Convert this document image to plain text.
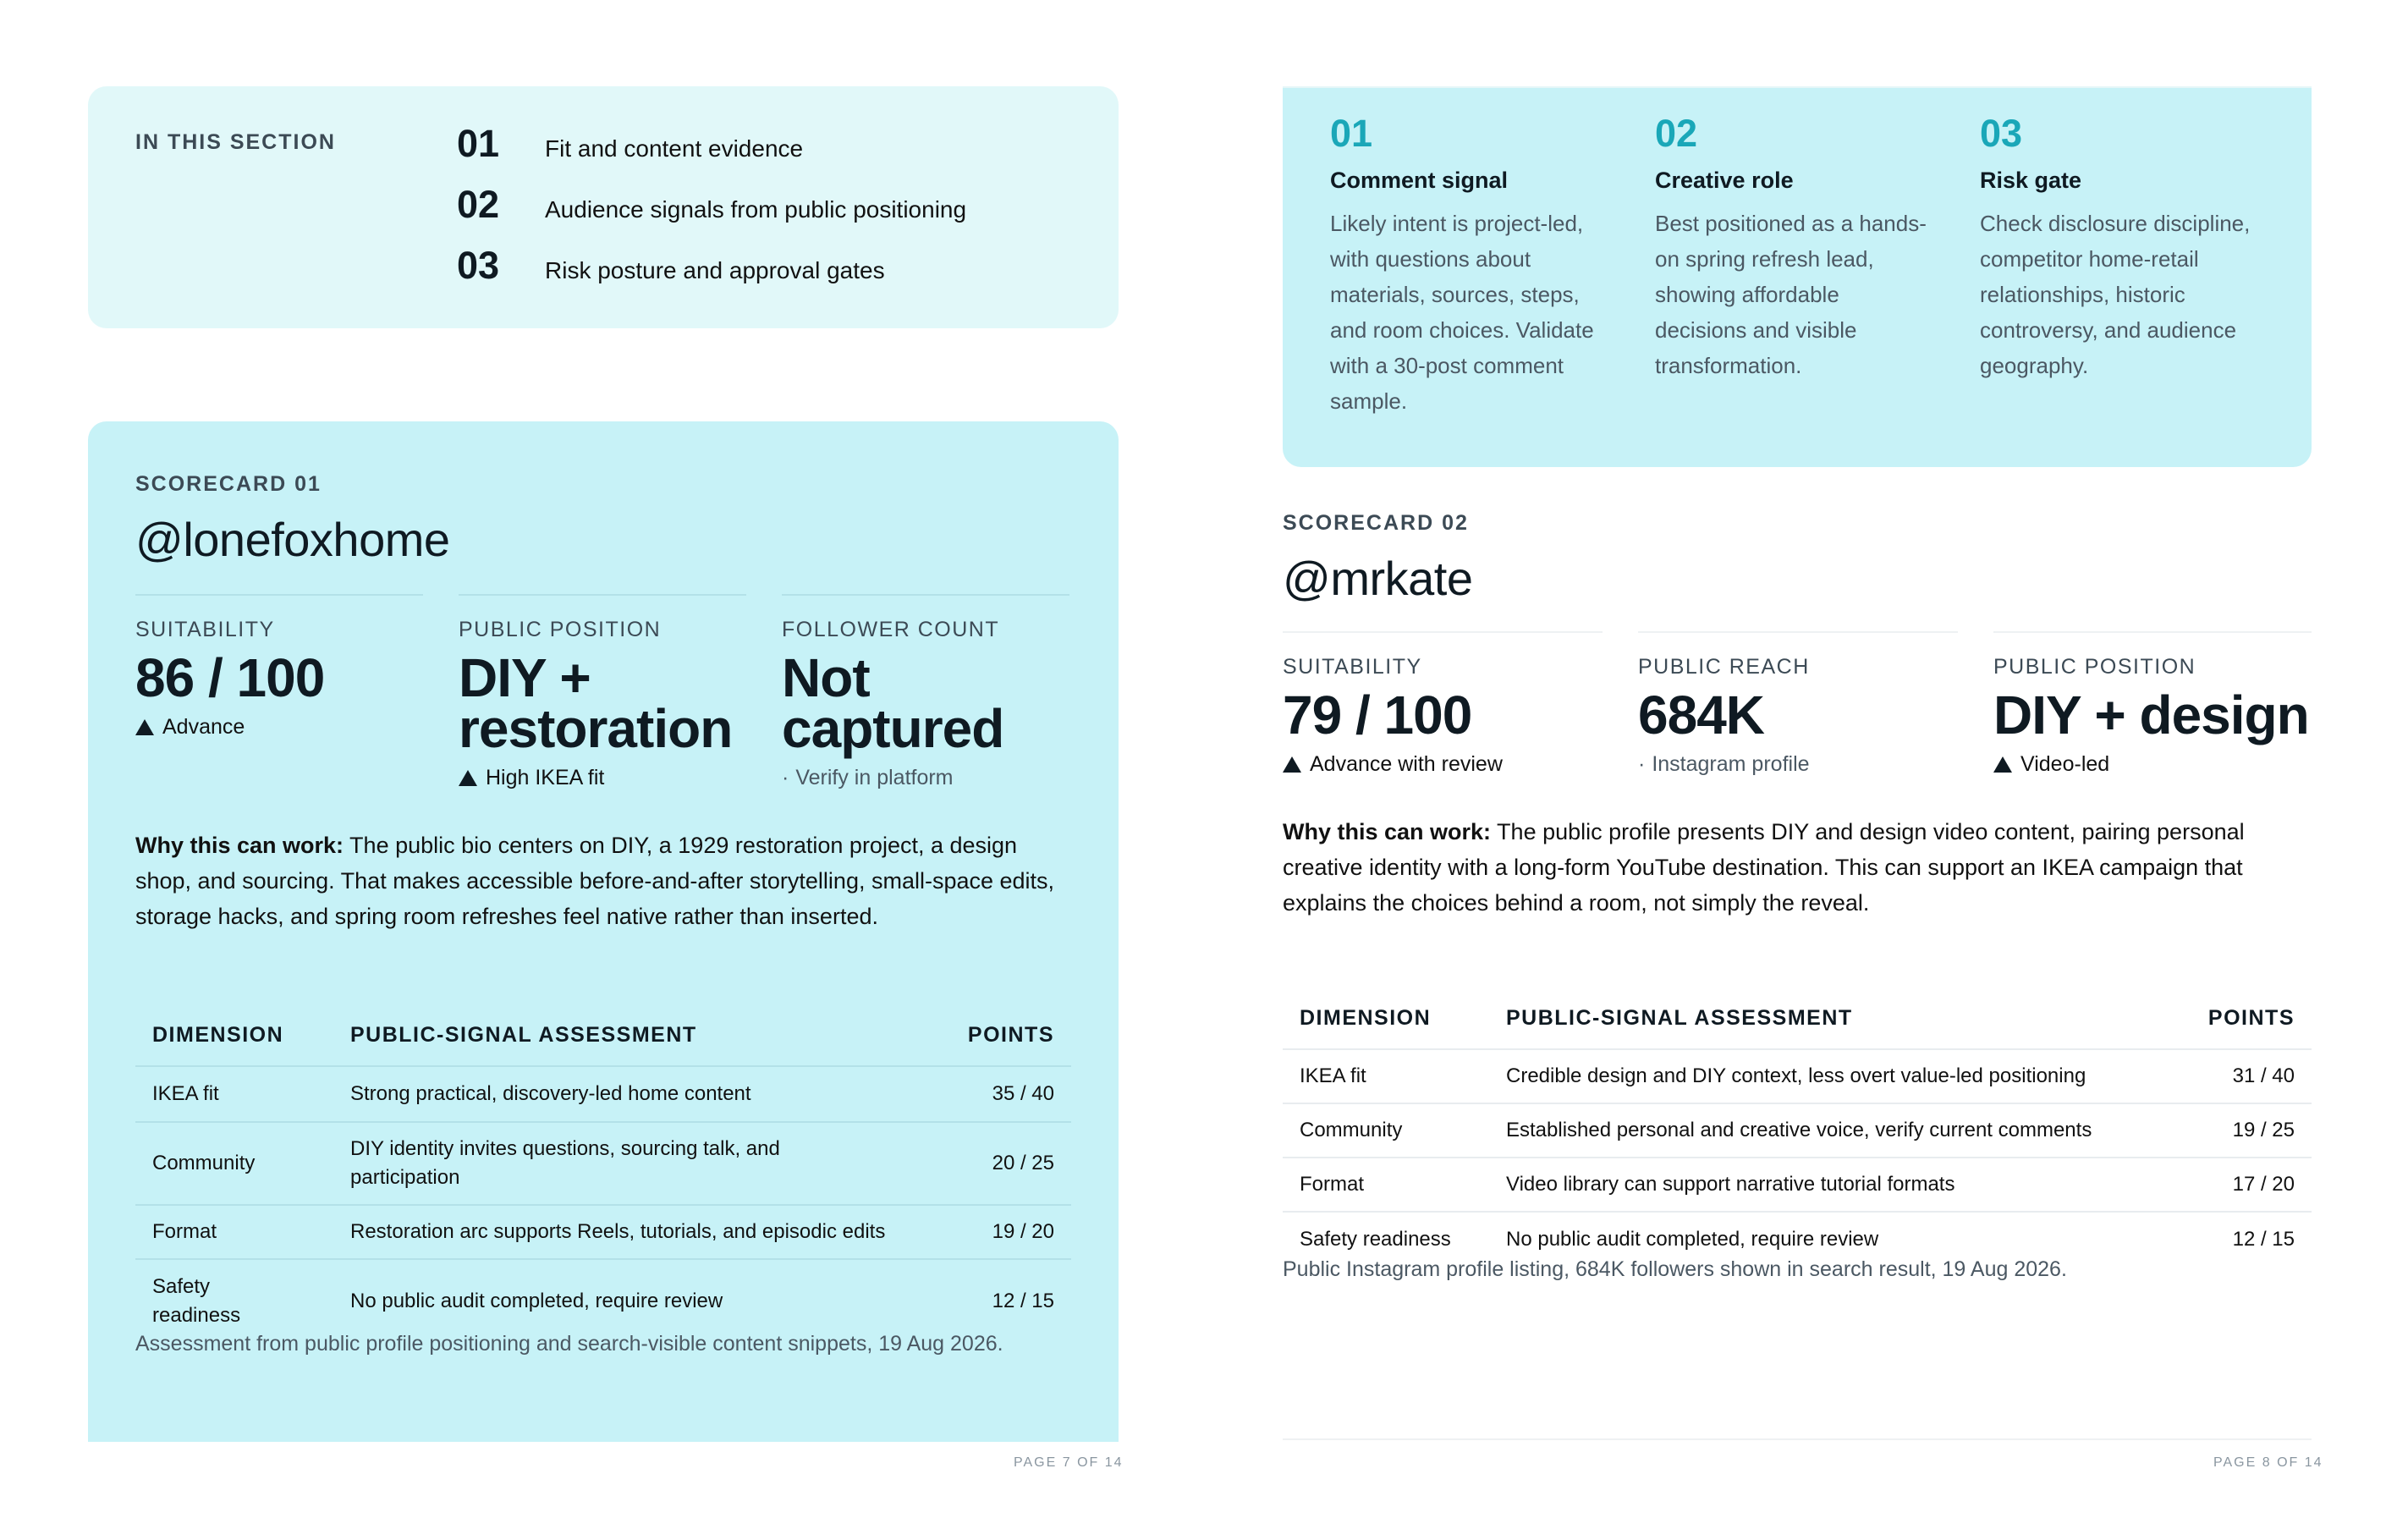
IN THIS SECTION	01	Fit and content evidence
02	Audience signals from public positioning
03	Risk posture and approval gates
SCORECARD 01
@lonefoxhome
SUITABILITY
86 / 100
Advance
PUBLIC POSITION
DIY +
restoration
High IKEA fit
FOLLOWER COUNT
Not
captured
· Verify in platform

Why this can work: The public bio centers on DIY, a 1929 restoration project, a design shop, and sourcing. That makes accessible before-and-after storytelling, small-space edits, storage hacks, and spring room refreshes feel native rather than inserted.

DIMENSION	PUBLIC-SIGNAL ASSESSMENT	POINTS
IKEA fit	Strong practical, discovery‑led home content	35 / 40
Community	DIY identity invites questions, sourcing talk, and participation	20 / 25
Format	Restoration arc supports Reels, tutorials, and episodic edits	19 / 20
Safety readiness	No public audit completed, require review	12 / 15

Assessment from public profile positioning and search-visible content snippets, 19 Aug 2026.

PAGE 7 OF 14
01
Comment signal
Likely intent is project-led, with questions about materials, sources, steps, and room choices. Validate with a 30-post comment sample.
02
Creative role
Best positioned as a hands-on spring refresh lead, showing affordable decisions and visible transformation.
03
Risk gate
Check disclosure discipline, competitor home-retail relationships, historic controversy, and audience geography.
SCORECARD 02
@mrkate
SUITABILITY
79 / 100
Advance with review
PUBLIC REACH
684K
· Instagram profile
PUBLIC POSITION
DIY + design
Video-led

Why this can work: The public profile presents DIY and design video content, pairing personal creative identity with a long-form YouTube destination. This can support an IKEA campaign that explains the choices behind a room, not simply the reveal.

DIMENSION	PUBLIC-SIGNAL ASSESSMENT	POINTS
IKEA fit	Credible design and DIY context, less overt value‑led positioning	31 / 40
Community	Established personal and creative voice, verify current comments	19 / 25
Format	Video library can support narrative tutorial formats	17 / 20
Safety readiness	No public audit completed, require review	12 / 15

Public Instagram profile listing, 684K followers shown in search result, 19 Aug 2026.

PAGE 8 OF 14
